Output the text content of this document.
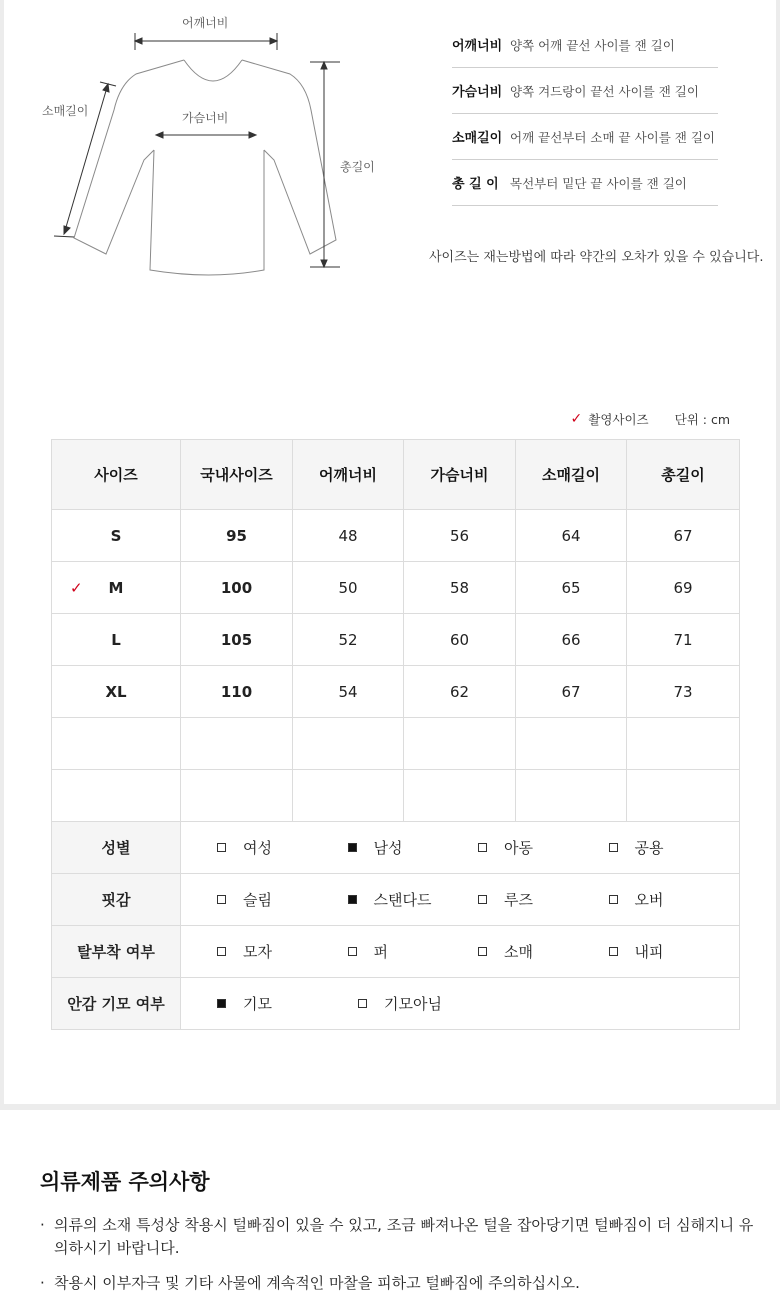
어깨너비
소매길이	가슴너비
총길이
어깨너비 양쪽 어깨 끝선 사이를 잰 길이
가슴너비 양쪽 겨드랑이 끝선 사이를 잰 길이
소매길이 어깨 끝선부터 소매 끝 사이를 잰 길이
총 길 이 목선부터 밑단 끝 사이를 잰 길이
사이즈는 재는방법에 따라 약간의 오차가 있을 수 있습니다.
✓ 촬영사이즈 단위 : cm
사이즈	국내사이즈	어깨너비	가슴너비	소매길이	총길이
S	95	48	56	64	67

✓ M	100	50	58	65	69
L	105	52	60	66	71
XL	110	54	62	67	73

성별	여성 남성 아동 공용				

핏감	슬림 스탠다드 루즈 오버				

탈부착 여부	모자 퍼 소매 내피				

안감 기모 여부	기모 기모아님				
의류제품 주의사항
· 의류의 소재 특성상 착용시 털빠짐이 있을 수 있고, 조금 빠져나온 털을 잡아당기면 털빠짐이 더 심해지니 유의하시기 바랍니다.
· 착용시 이부자극 및 기타 사물에 계속적인 마찰을 피하고 털빠짐에 주의하십시오.
